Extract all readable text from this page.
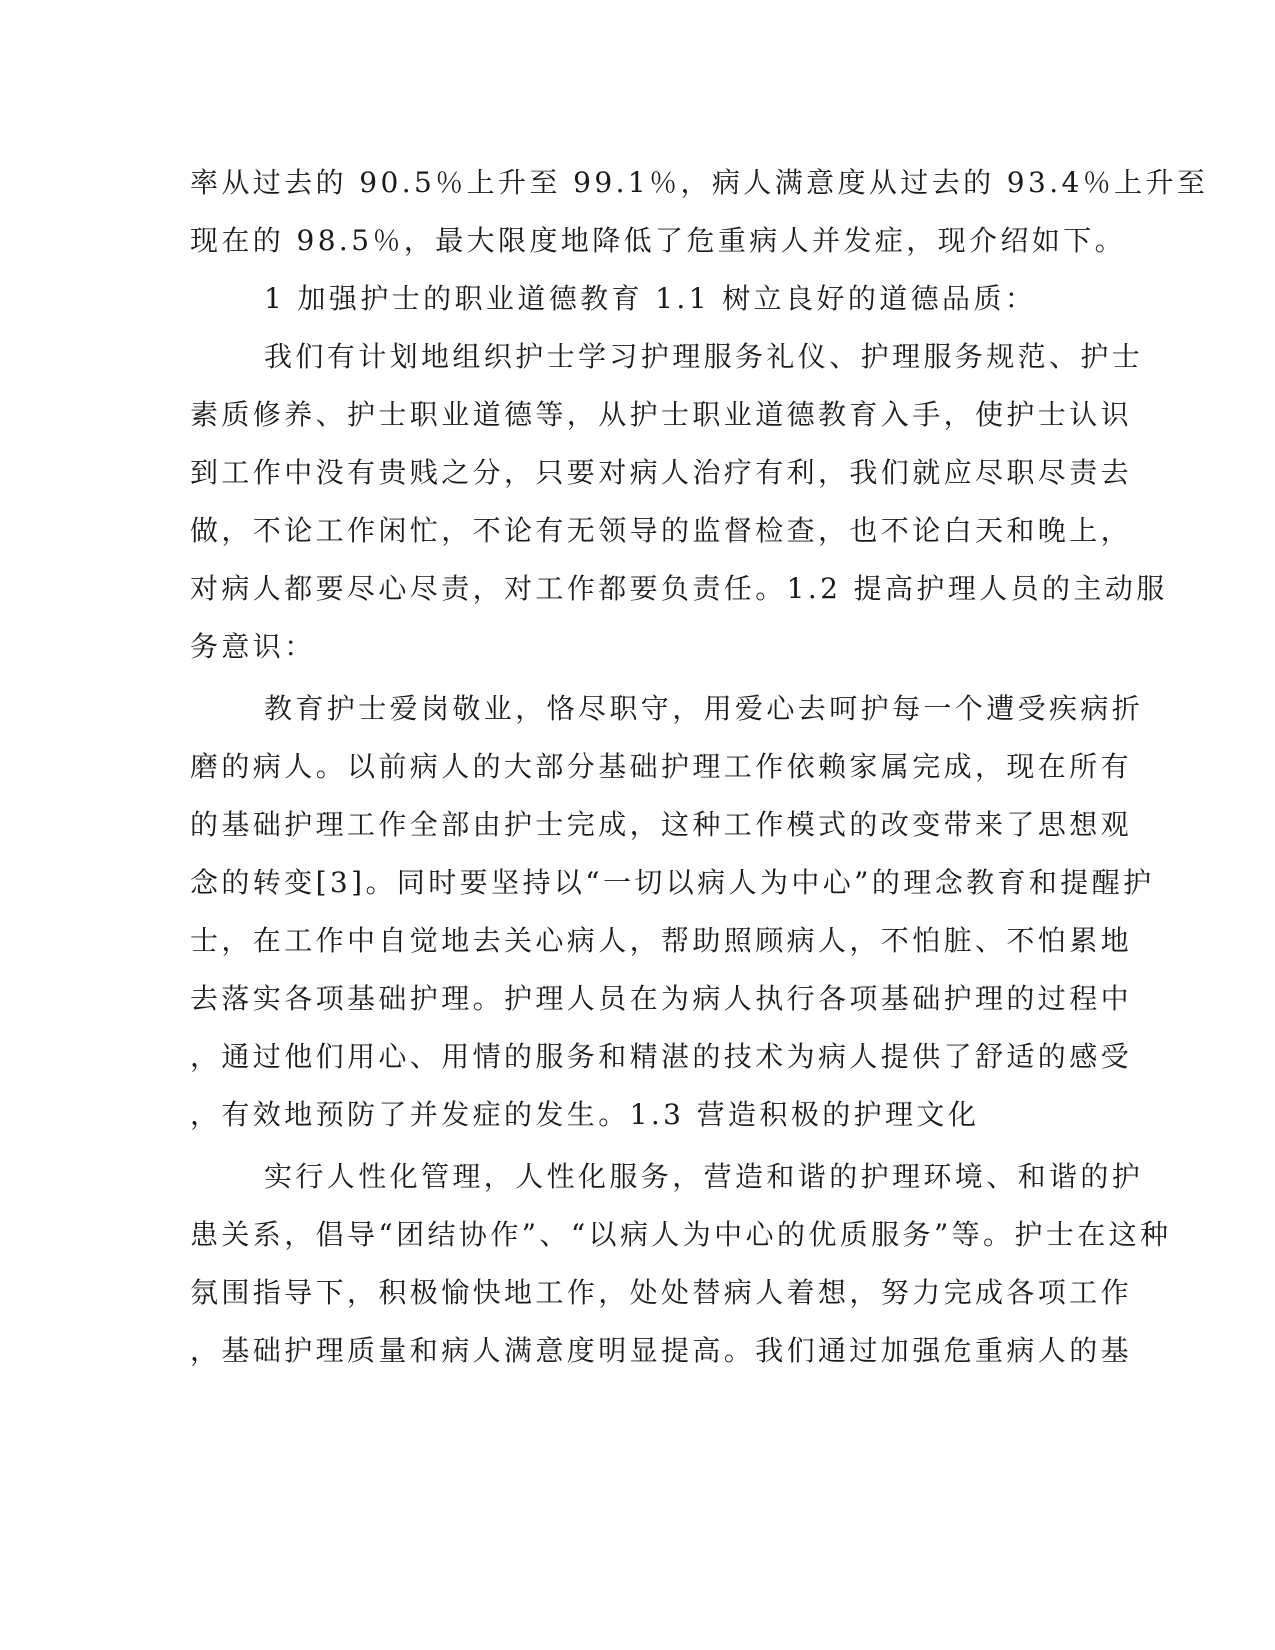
率从过去的 90.5％上升至 99.1％，病人满意度从过去的 93.4％上升至
现在的 98.5％，最大限度地降低了危重病人并发症，现介绍如下。
1 加强护士的职业道德教育 1.1 树立良好的道德品质：
我们有计划地组织护士学习护理服务礼仪、护理服务规范、护士
素质修养、护士职业道德等，从护士职业道德教育入手，使护士认识
到工作中没有贵贱之分，只要对病人治疗有利，我们就应尽职尽责去
做，不论工作闲忙，不论有无领导的监督检查，也不论白天和晚上，
对病人都要尽心尽责，对工作都要负责任。1.2 提高护理人员的主动服
务意识：
教育护士爱岗敬业，恪尽职守，用爱心去呵护每一个遭受疾病折
磨的病人。以前病人的大部分基础护理工作依赖家属完成，现在所有
的基础护理工作全部由护士完成，这种工作模式的改变带来了思想观
念的转变[3]。同时要坚持以“一切以病人为中心”的理念教育和提醒护
士，在工作中自觉地去关心病人，帮助照顾病人，不怕脏、不怕累地
去落实各项基础护理。护理人员在为病人执行各项基础护理的过程中
，通过他们用心、用情的服务和精湛的技术为病人提供了舒适的感受
，有效地预防了并发症的发生。1.3 营造积极的护理文化
实行人性化管理，人性化服务，营造和谐的护理环境、和谐的护
患关系，倡导“团结协作”、“以病人为中心的优质服务”等。护士在这种
氛围指导下，积极愉快地工作，处处替病人着想，努力完成各项工作
，基础护理质量和病人满意度明显提高。我们通过加强危重病人的基
